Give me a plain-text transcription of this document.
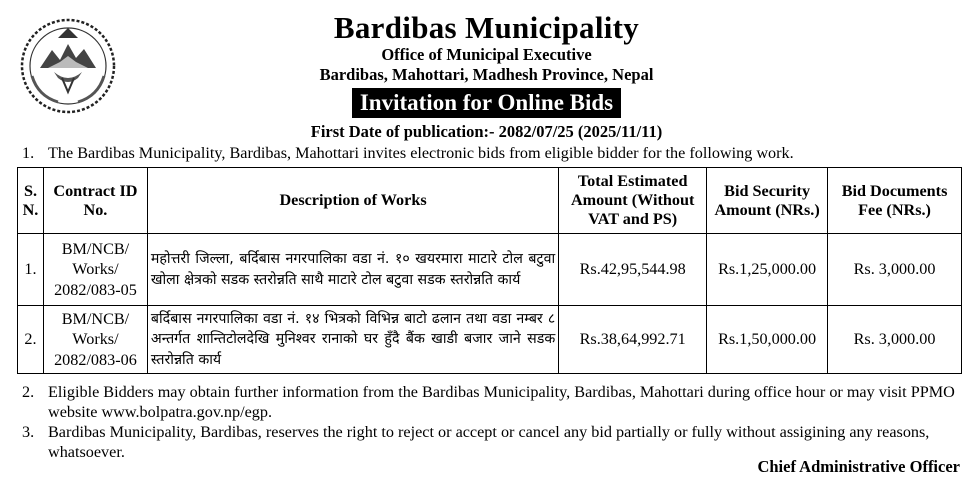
Bardibas Municipality
Office of Municipal Executive
Bardibas, Mahottari, Madhesh Province, Nepal
Invitation for Online Bids
First Date of publication:- 2082/07/25 (2025/11/11)
1. The Bardibas Municipality, Bardibas, Mahottari invites electronic bids from eligible bidder for the following work.
S. N.	Contract ID No.	Description of Works	Total Estimated Amount (Without VAT and PS)	Bid Security Amount (NRs.)	Bid Documents Fee (NRs.)
1.	BM/NCB/ Works/ 2082/083-05	महोत्तरी जिल्ला, बर्दिबास नगरपालिका वडा नं. १० खयरमारा माटारे टोल बटुवा खोला क्षेत्रको सडक स्तरोन्नति साथै माटारे टोल बटुवा सडक स्तरोन्नति कार्य	Rs.42,95,544.98	Rs.1,25,000.00	Rs. 3,000.00
2.	BM/NCB/ Works/ 2082/083-06	बर्दिबास नगरपालिका वडा नं. १४ भित्रको विभिन्न बाटो ढलान तथा वडा नम्बर ८ अन्तर्गत शान्तिटोलदेखि मुनिश्वर रानाको घर हुँदै बैंक खाडी बजार जाने सडक स्तरोन्नति कार्य	Rs.38,64,992.71	Rs.1,50,000.00	Rs. 3,000.00
2. Eligible Bidders may obtain further information from the Bardibas Municipality, Bardibas, Mahottari during office hour or may visit PPMO website www.bolpatra.gov.np/egp.
3. Bardibas Municipality, Bardibas, reserves the right to reject or accept or cancel any bid partially or fully without assigining any reasons, whatsoever.
Chief Administrative Officer
